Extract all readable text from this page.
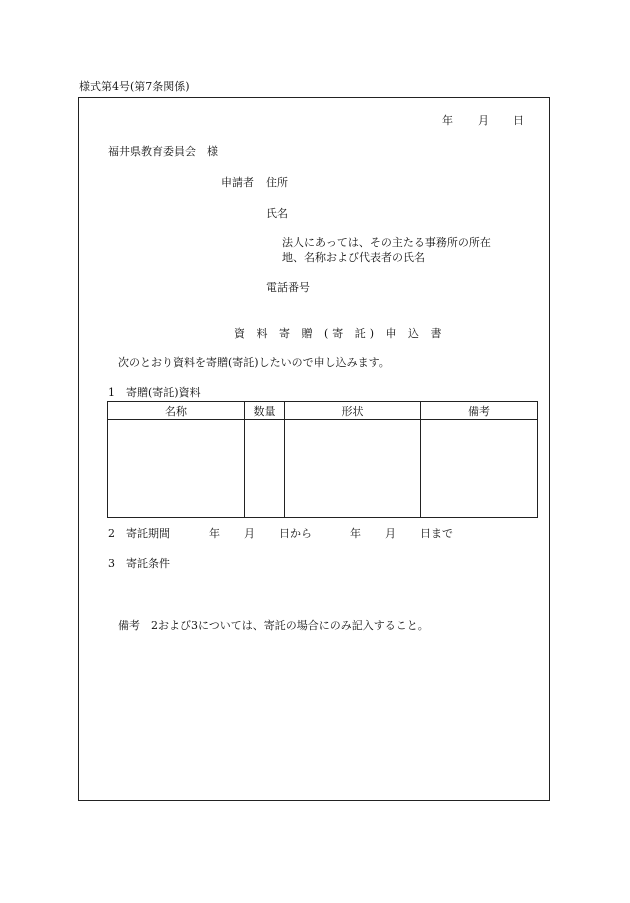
様式第4号(第7条関係)
年 月 日
福井県教育委員会　様
申請者 住所
氏名
法人にあっては、その主たる事務所の所在
地、名称および代表者の氏名
電話番号
資 料 寄 贈 (寄 託) 申 込 書
次のとおり資料を寄贈(寄託)したいので申し込みます。
1　寄贈(寄託)資料
名称	数量	形状	備考

2　寄託期間	年 月 日から	年 月 日まで
3　寄託条件
備考　2および3については、寄託の場合にのみ記入すること。
